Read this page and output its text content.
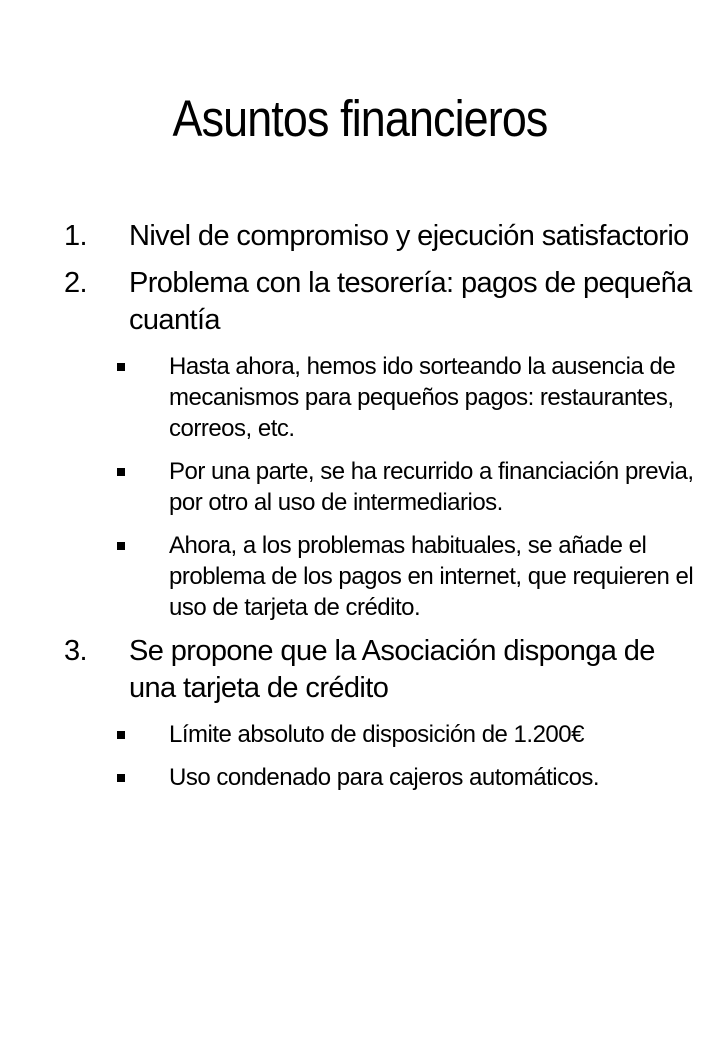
Asuntos financieros
1. Nivel de compromiso y ejecución satisfactorio
2. Problema con la tesorería: pagos de pequeña cuantía
Hasta ahora, hemos ido sorteando la ausencia de mecanismos para pequeños pagos: restaurantes, correos, etc.
Por una parte, se ha recurrido a financiación previa, por otro al uso de intermediarios.
Ahora, a los problemas habituales, se añade el problema de los pagos en internet, que requieren el uso de tarjeta de crédito.
3. Se propone que la Asociación disponga de una tarjeta de crédito
Límite absoluto de disposición de 1.200€
Uso condenado para cajeros automáticos.
